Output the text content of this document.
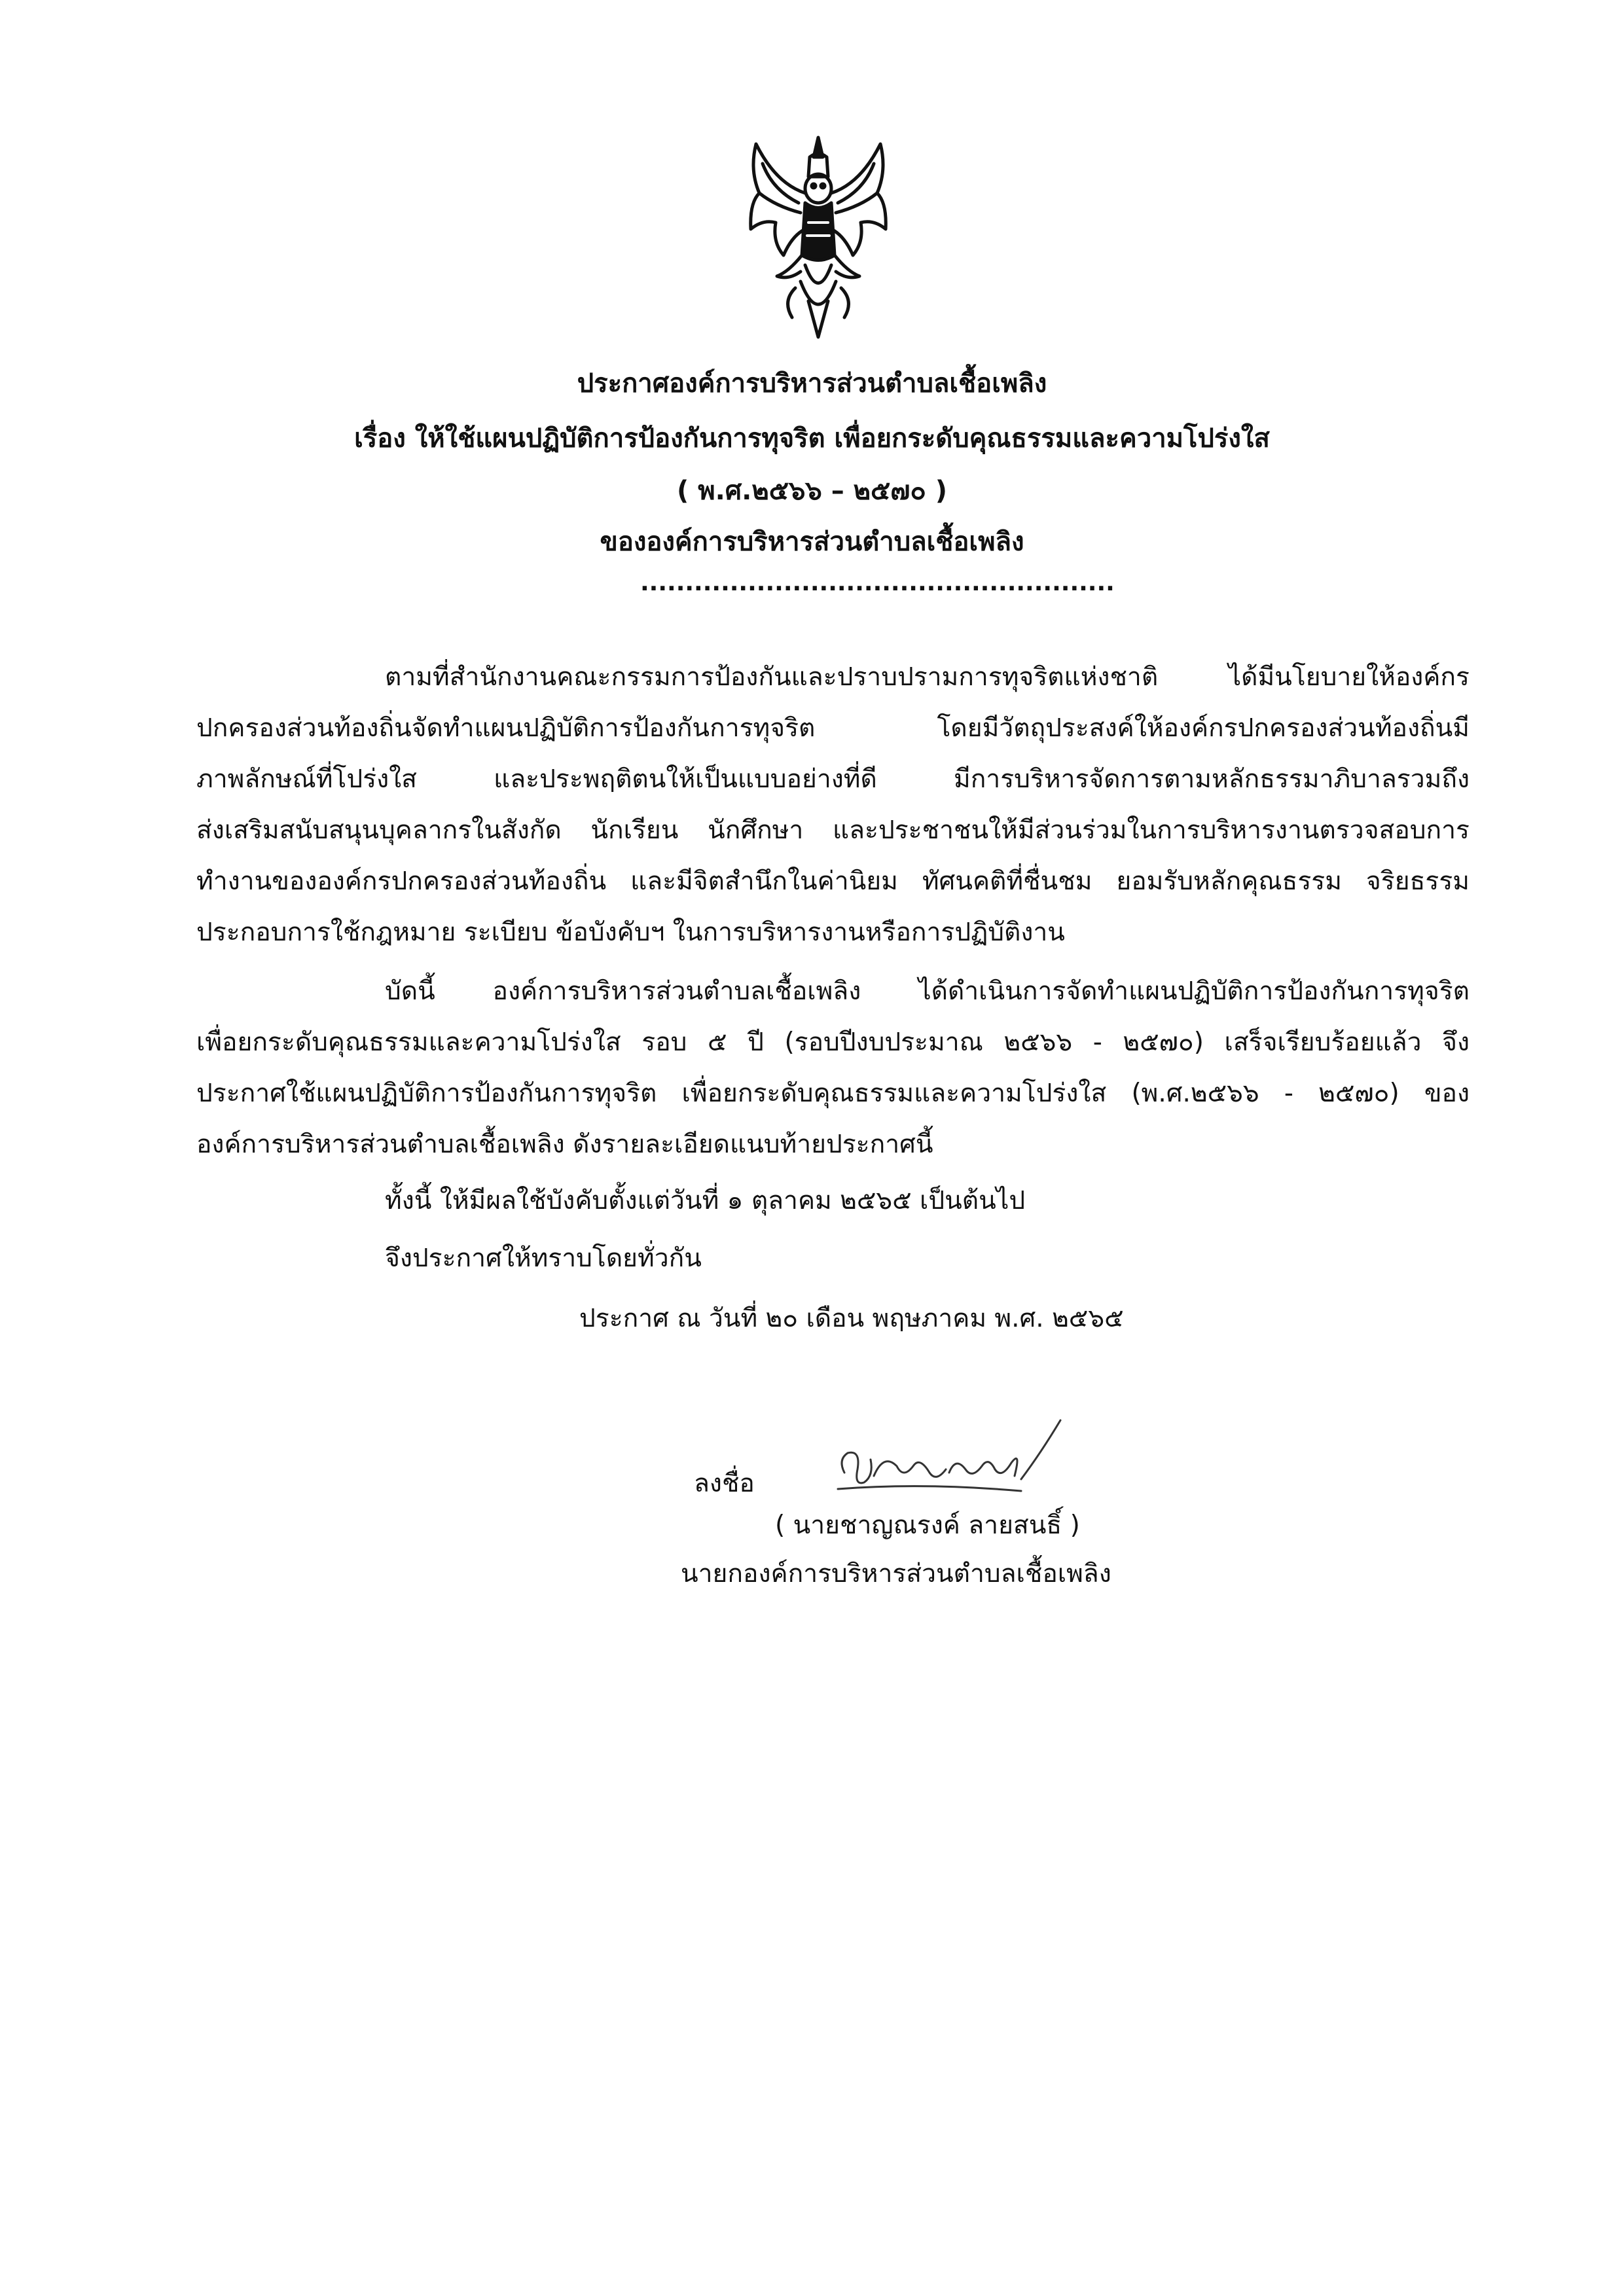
ประกาศองค์การบริหารส่วนตำบลเชื้อเพลิง
เรื่อง ให้ใช้แผนปฏิบัติการป้องกันการทุจริต เพื่อยกระดับคุณธรรมและความโปร่งใส
( พ.ศ.๒๕๖๖ – ๒๕๗๐ )
ขององค์การบริหารส่วนตำบลเชื้อเพลิง
.....................................................
ตามที่สำนักงานคณะกรรมการป้องกันและปราบปรามการทุจริตแห่งชาติ ได้มีนโยบายให้องค์กร
ปกครองส่วนท้องถิ่นจัดทำแผนปฏิบัติการป้องกันการทุจริต โดยมีวัตถุประสงค์ให้องค์กรปกครองส่วนท้องถิ่นมี
ภาพลักษณ์ที่โปร่งใส และประพฤติตนให้เป็นแบบอย่างที่ดี มีการบริหารจัดการตามหลักธรรมาภิบาลรวมถึง
ส่งเสริมสนับสนุนบุคลากรในสังกัด นักเรียน นักศึกษา และประชาชนให้มีส่วนร่วมในการบริหารงานตรวจสอบการ
ทำงานขององค์กรปกครองส่วนท้องถิ่น และมีจิตสำนึกในค่านิยม ทัศนคติที่ชื่นชม ยอมรับหลักคุณธรรม จริยธรรม
ประกอบการใช้กฎหมาย ระเบียบ ข้อบังคับฯ ในการบริหารงานหรือการปฏิบัติงาน
บัดนี้ องค์การบริหารส่วนตำบลเชื้อเพลิง ได้ดำเนินการจัดทำแผนปฏิบัติการป้องกันการทุจริต
เพื่อยกระดับคุณธรรมและความโปร่งใส รอบ ๕ ปี (รอบปีงบประมาณ ๒๕๖๖ - ๒๕๗๐) เสร็จเรียบร้อยแล้ว จึง
ประกาศใช้แผนปฏิบัติการป้องกันการทุจริต เพื่อยกระดับคุณธรรมและความโปร่งใส (พ.ศ.๒๕๖๖ - ๒๕๗๐) ของ
องค์การบริหารส่วนตำบลเชื้อเพลิง ดังรายละเอียดแนบท้ายประกาศนี้
ทั้งนี้ ให้มีผลใช้บังคับตั้งแต่วันที่ ๑ ตุลาคม ๒๕๖๕ เป็นต้นไป
จึงประกาศให้ทราบโดยทั่วกัน
ประกาศ ณ วันที่ ๒๐ เดือน พฤษภาคม พ.ศ. ๒๕๖๕
ลงชื่อ
( นายชาญณรงค์ ลายสนธิ์ )
นายกองค์การบริหารส่วนตำบลเชื้อเพลิง
